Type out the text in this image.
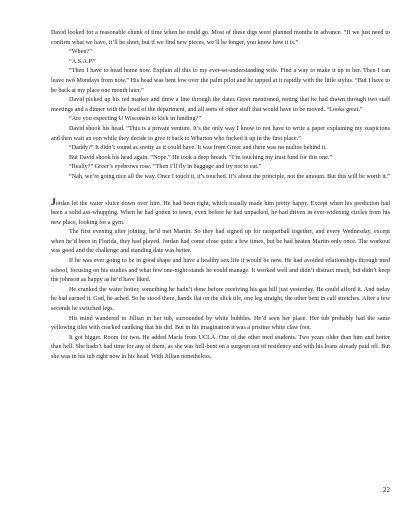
David looked for a reasonable chunk of time when he could go. Most of these digs were planned months in advance. “If we just need to confirm what we have, it’ll be short, but if we find new pieces, we’ll be longer, you know how it is.”

“When?”

“A.S.A.P.”

“Then I have to head home now. Explain all this to my ever-so-understanding wife. Find a way to make it up to her. Then I can leave two Mondays from now.” His head was bent low over the palm pilot and he tapped at it rapidly with the little stylus. “But I have to be back at my place one month later.”

David picked up his red marker and drew a line through the dates Greer mentioned, noting that he had drawn through two staff meetings and a dinner with the head of the department, and all sorts of other stuff that would have to be moved. “Looks great.”

“Are you expecting U Wisconsin to kick in funding?”

David shook his head. “This is a private venture. It’s the only way I know to not have to write a paper explaining my suspicions and then wait an eon while they decide to give it back to Wharton who fucked it up in the first place.”

“Daddy?” It didn’t sound as snotty as it could have. It was from Greer and there was no malice behind it.

But David shook his head again. “Nope.” He took a deep breath. “I’m touching my trust fund for this one.”

“Really?” Greer’s eyebrows rose. “Then I’ll fly in baggage and try not to eat.”

“Nah, we’re going nice all the way. Once I touch it, it’s touched. It’s about the principle, not the amount. But this will be worth it.”

Jordan let the water sluice down over him. He had been right, which usually made him pretty happy. Except when his prediction had been a solid ass-whupping. When he had gotten to town, even before he had unpacked, he had driven in ever-widening circles from his new place, looking for a gym.

The first evening after joining, he’d met Martin. So they had signed up for racquetball together, and every Wednesday, except when he’d been in Florida, they had played. Jordan had come close quite a few times, but he had beaten Martin only once. The workout was good and the challenge and standing date was better.

If he was ever going to be in good shape and have a healthy sex life it would be now. He had avoided relationships through med school, focusing on his studies and what few one-night-stands he could manage. It worked well and didn’t distract much, but didn’t keep the johnson as happy as he’d have liked.

He cranked the water hotter, something he hadn’t done before receiving his gas bill just yesterday. He could afford it. And today he had earned it. God, he ached. So he stood there, hands flat on the slick tile, one leg straight, the other bent in calf stretches. After a few seconds he switched legs.

His mind wandered to Jillian in her tub, surrounded by white bubbles. He’d seen her place. Her tub probably had the same yellowing tiles with cracked caulking that his did. But in his imagination it was a pristine white claw foot.

It got bigger. Room for two. He added Marla from UCLA. One of the other med students. Two years older than him and hotter than hell. She hadn’t had time for any of them, as she was hell-bent on a surgeon out of residency and with his loans already paid off. But she was in his tub right now in his head. With Jillian nonetheless.

22
